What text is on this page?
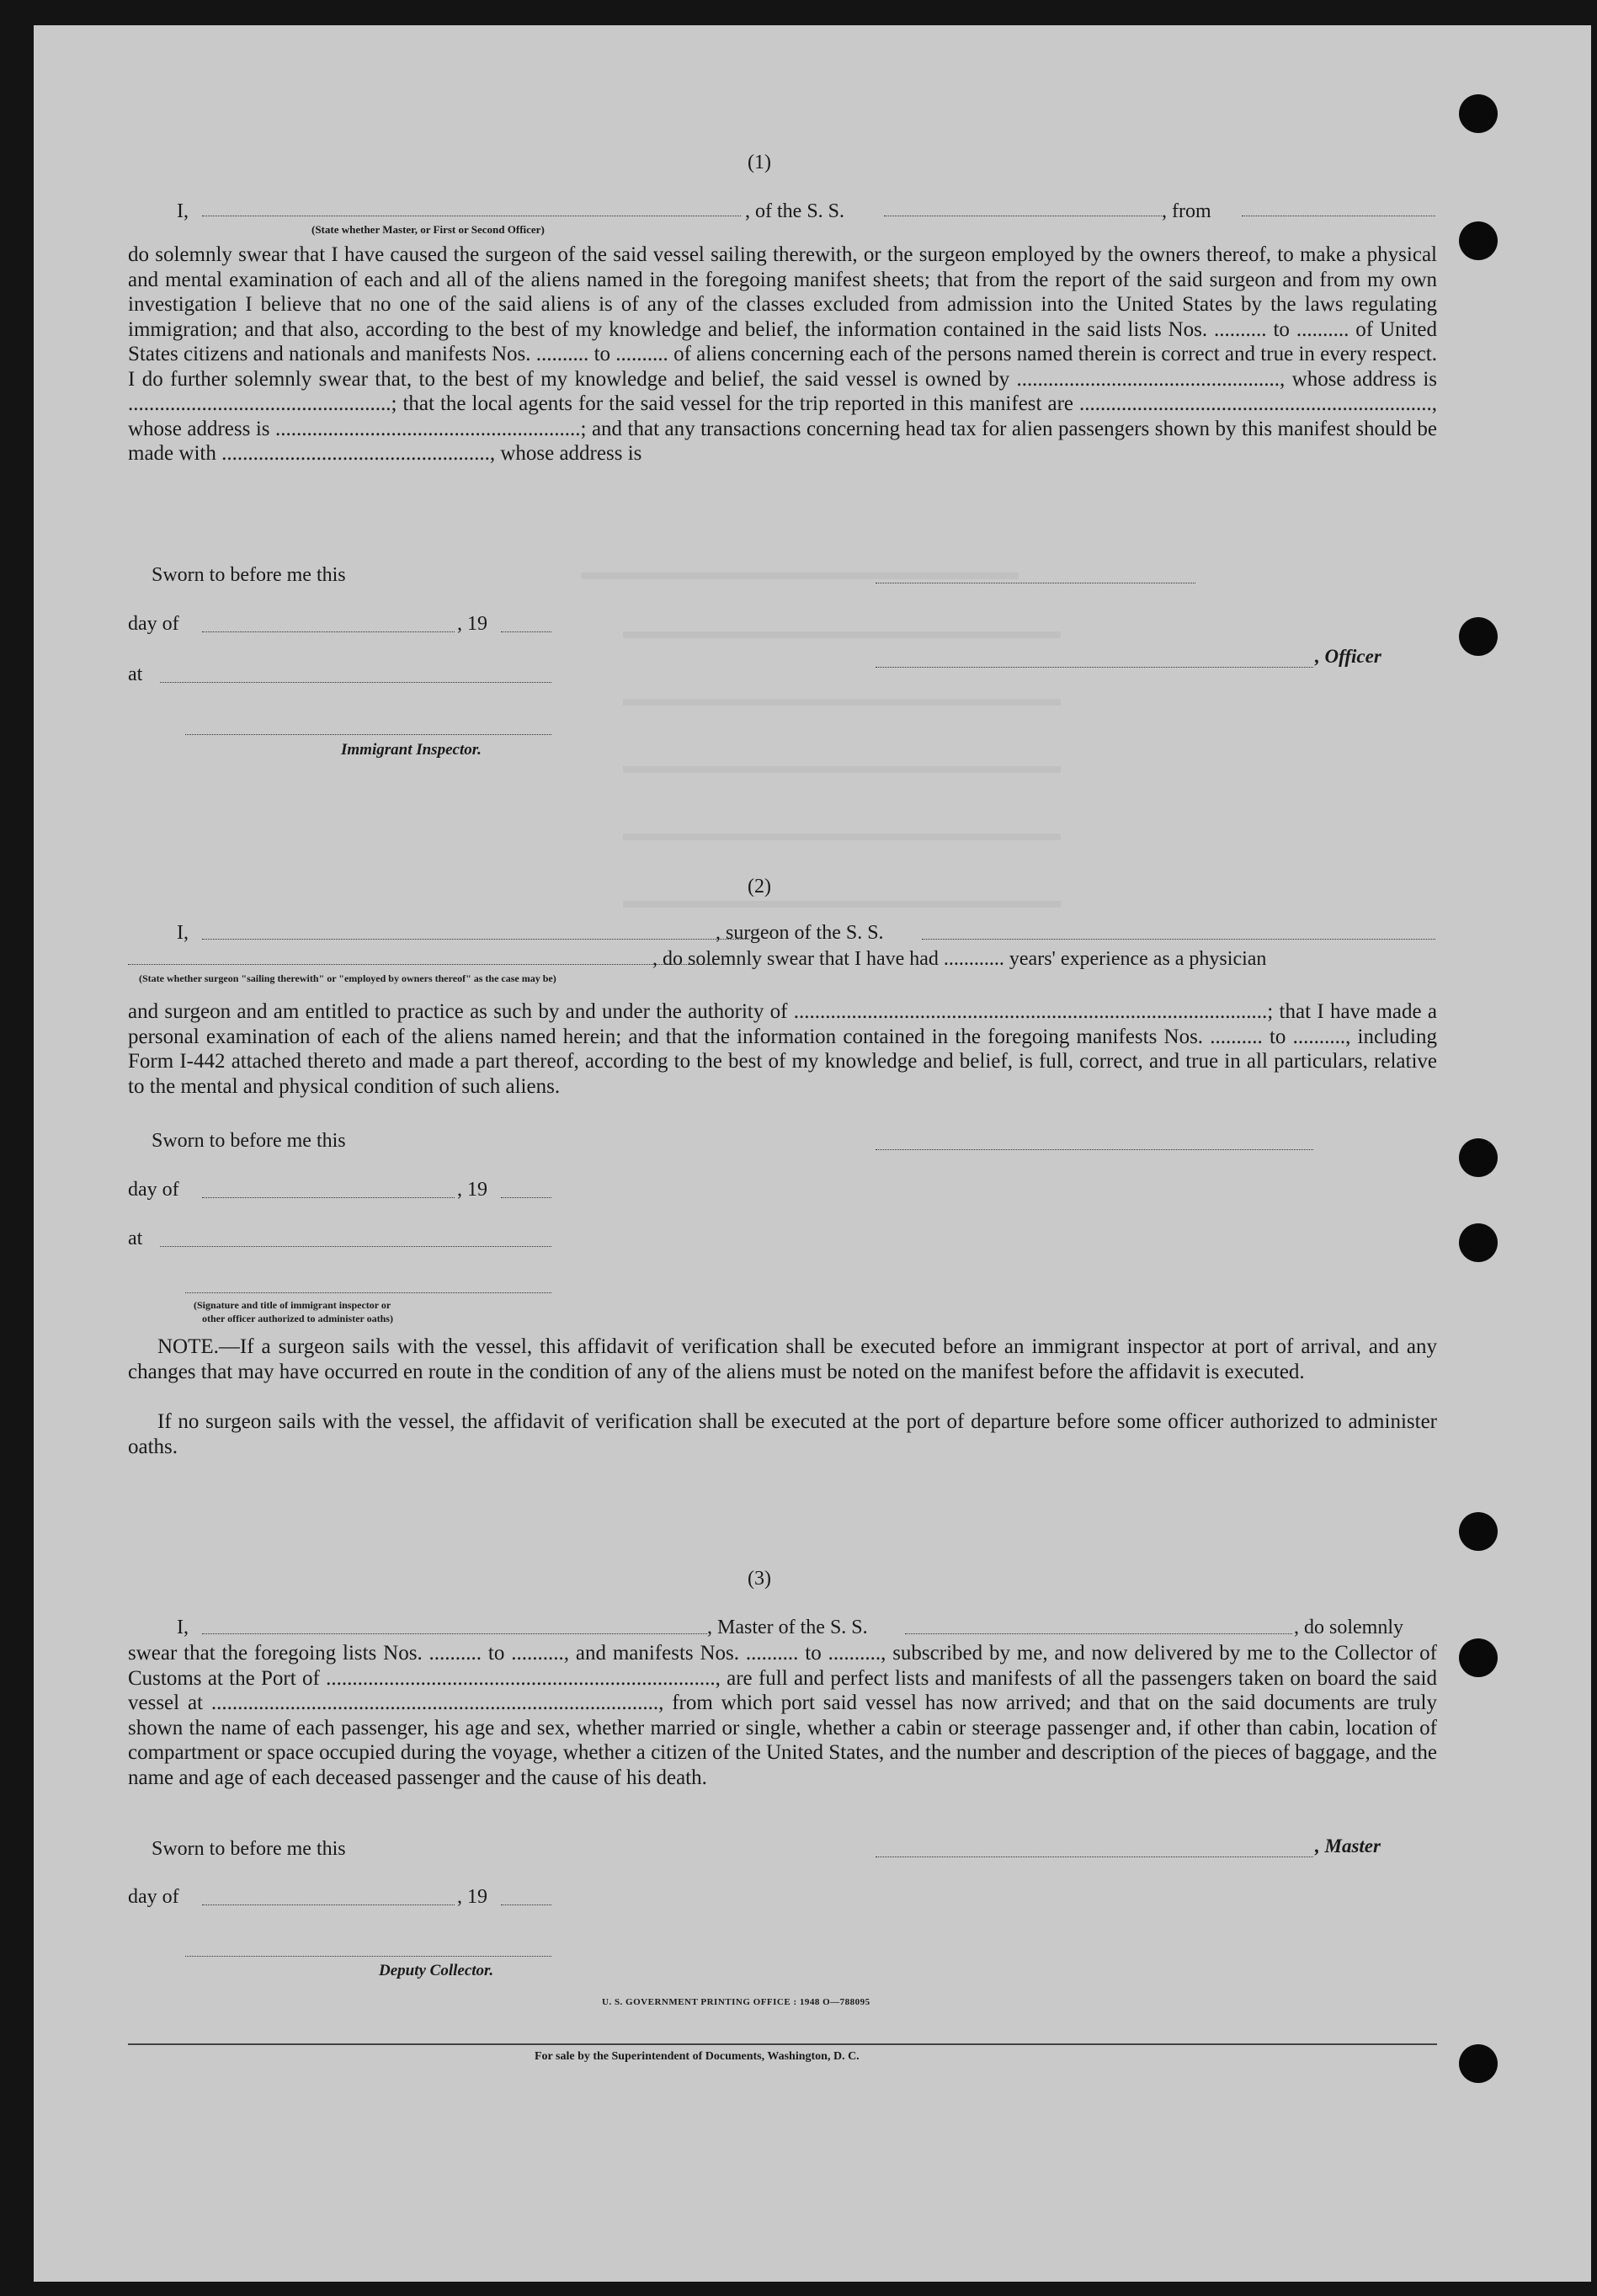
(1)
I,	, of the S. S.	, from
(State whether Master, or First or Second Officer)
do solemnly swear that I have caused the surgeon of the said vessel sailing therewith, or the surgeon employed by the owners thereof, to make a physical and mental examination of each and all of the aliens named in the foregoing manifest sheets; that from the report of the said surgeon and from my own investigation I believe that no one of the said aliens is of any of the classes excluded from admission into the United States by the laws regulating immigration; and that also, according to the best of my knowledge and belief, the information contained in the said lists Nos. .......... to .......... of United States citizens and nationals and manifests Nos. .......... to .......... of aliens concerning each of the persons named therein is correct and true in every respect. I do further solemnly swear that, to the best of my knowledge and belief, the said vessel is owned by .................................................., whose address is ..................................................; that the local agents for the said vessel for the trip reported in this manifest are ..................................................................., whose address is ..........................................................; and that any transactions concerning head tax for alien passengers shown by this manifest should be made with ..................................................., whose address is
Sworn to before me this
day of	, 19
, Officer
at
Immigrant Inspector.
(2)
I,	, surgeon of the S. S.
, do solemnly swear that I have had ............ years' experience as a physician
(State whether surgeon "sailing therewith" or "employed by owners thereof" as the case may be)
and surgeon and am entitled to practice as such by and under the authority of ..........................................................................................; that I have made a personal examination of each of the aliens named herein; and that the information contained in the foregoing manifests Nos. .......... to .........., including Form I-442 attached thereto and made a part thereof, according to the best of my knowledge and belief, is full, correct, and true in all particulars, relative to the mental and physical condition of such aliens.
Sworn to before me this
day of	, 19
at
(Signature and title of immigrant inspector or
other officer authorized to administer oaths)
NOTE.—If a surgeon sails with the vessel, this affidavit of verification shall be executed before an immigrant inspector at port of arrival, and any changes that may have occurred en route in the condition of any of the aliens must be noted on the manifest before the affidavit is executed.
If no surgeon sails with the vessel, the affidavit of verification shall be executed at the port of departure before some officer authorized to administer oaths.
(3)
I,	, Master of the S. S.	, do solemnly
swear that the foregoing lists Nos. .......... to .........., and manifests Nos. .......... to .........., subscribed by me, and now delivered by me to the Collector of Customs at the Port of .........................................................................., are full and perfect lists and manifests of all the passengers taken on board the said vessel at ....................................................................................., from which port said vessel has now arrived; and that on the said documents are truly shown the name of each passenger, his age and sex, whether married or single, whether a cabin or steerage passenger and, if other than cabin, location of compartment or space occupied during the voyage, whether a citizen of the United States, and the number and description of the pieces of baggage, and the name and age of each deceased passenger and the cause of his death.
Sworn to before me this	, Master
day of	, 19
Deputy Collector.
U. S. GOVERNMENT PRINTING OFFICE : 1948 O—788095
For sale by the Superintendent of Documents, Washington, D. C.
